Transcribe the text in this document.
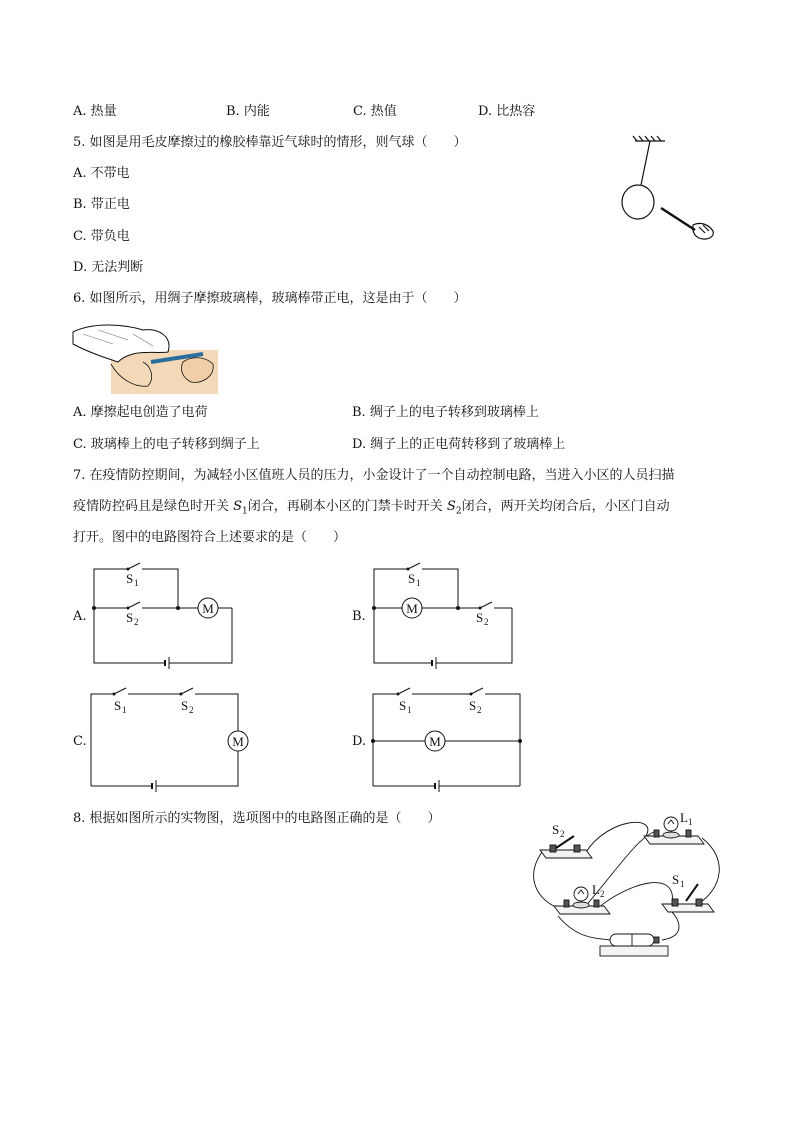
A. 热量	B. 内能	C. 热值	D. 比热容
5. 如图是用毛皮摩擦过的橡胶棒靠近气球时的情形，则气球（　　）
A. 不带电
B. 带正电
C. 带负电
D. 无法判断
6. 如图所示，用绸子摩擦玻璃棒，玻璃棒带正电，这是由于（　　）
A. 摩擦起电创造了电荷	B. 绸子上的电子转移到玻璃棒上
C. 玻璃棒上的电子转移到绸子上	D. 绸子上的正电荷转移到了玻璃棒上
7. 在疫情防控期间，为减轻小区值班人员的压力，小金设计了一个自动控制电路，当进入小区的人员扫描
疫情防控码且是绿色时开关 $S_1$闭合，再刷本小区的门禁卡时开关 $S_2$闭合，两开关均闭合后，小区门自动
打开。图中的电路图符合上述要求的是（　　）
A.	B.
C.	D.
M
S 1
S 2
M
S 1
S 2
M
S 1	S 2
M
S 1	S 2
8. 根据如图所示的实物图，选项图中的电路图正确的是（　　）
S 2
L 1
L 2
S 1
